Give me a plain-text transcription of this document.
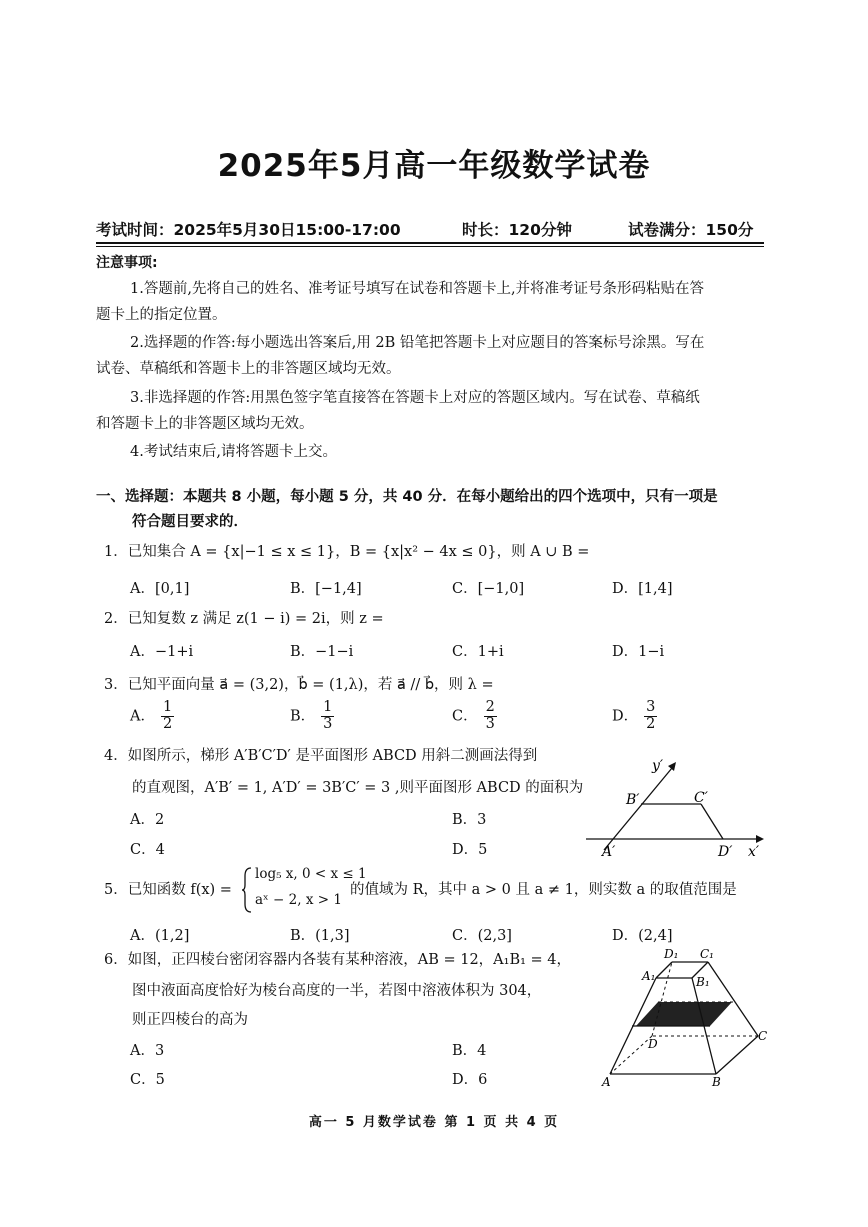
2025年5月高一年级数学试卷
考试时间：2025年5月30日15:00-17:00	时长：120分钟	试卷满分：150分
注意事项:
1.答题前,先将自己的姓名、准考证号填写在试卷和答题卡上,并将准考证号条形码粘贴在答
题卡上的指定位置。
2.选择题的作答:每小题选出答案后,用 2B 铅笔把答题卡上对应题目的答案标号涂黑。写在
试卷、草稿纸和答题卡上的非答题区域均无效。
3.非选择题的作答:用黑色签字笔直接答在答题卡上对应的答题区域内。写在试卷、草稿纸
和答题卡上的非答题区域均无效。
4.考试结束后,请将答题卡上交。
一、选择题：本题共 8 小题，每小题 5 分，共 40 分．在每小题给出的四个选项中，只有一项是
符合题目要求的．
1．已知集合 A = {x|−1 ≤ x ≤ 1}，B = {x|x² − 4x ≤ 0}，则 A ∪ B =
A．[0,1]	B．[−1,4]	C．[−1,0]	D．[1,4]
2．已知复数 z 满足 z(1 − i) = 2i，则 z =
A．−1+i	B．−1−i	C．1+i	D．1−i
3．已知平面向量 a⃗ = (3,2)，b⃗ = (1,λ)，若 a⃗ // b⃗，则 λ =
A． $\frac{1}{2}$	B． $\frac{1}{3}$	C． $\frac{2}{3}$	D． $\frac{3}{2}$
4．如图所示，梯形 A′B′C′D′ 是平面图形 ABCD 用斜二测画法得到
的直观图，A′B′ = 1, A′D′ = 3B′C′ = 3 ,则平面图形 ABCD 的面积为
A．2	B．3
C．4	D．5
y′
x′
B′	C′
A′	D′
5．已知函数 f(x) =
log₅ x, 0 < x ≤ 1
aˣ − 2, x > 1
的值域为 R，其中 a > 0 且 a ≠ 1，则实数 a 的取值范围是
A．(1,2]	B．(1,3]	C．(2,3]	D．(2,4]
6．如图，正四棱台密闭容器内各装有某种溶液，AB = 12，A₁B₁ = 4，
图中液面高度恰好为棱台高度的一半，若图中溶液体积为 304，
则正四棱台的高为
A．3	B．4
C．5	D．6
D₁ C₁
A₁	B₁
D
C
A	B
高一 5 月数学试卷 第 1 页 共 4 页
